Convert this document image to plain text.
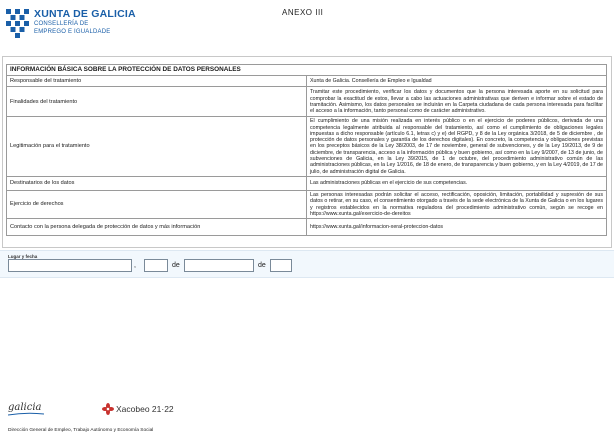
XUNTA DE GALICIA
CONSELLERÍA DE
EMPREGO E IGUALDADE
ANEXO III
INFORMACIÓN BÁSICA SOBRE LA PROTECCIÓN DE DATOS PERSONALES	
Responsable del tratamiento	Xunta de Galicia. Consellería de Empleo e Igualdad
Finalidades del tratamiento	Tramitar este procedimiento, verificar los datos y documentos que la persona interesada aporte en su solicitud para comprobar la exactitud de estos, llevar a cabo las actuaciones administrativas que deriven e informar sobre el estado de tramitación. Asimismo, los datos personales se incluirán en la Carpeta ciudadana de cada persona interesada para facilitar el acceso a la información, tanto personal como de carácter administrativo.
Legitimación para el tratamiento	El cumplimiento de una misión realizada en interés público o en el ejercicio de poderes públicos, derivada de una competencia legalmente atribuida al responsable del tratamiento, así como el cumplimiento de obligaciones legales impuestas a dicho responsable (artículo 6.1, letras c) y e) del RGPD, y 8 de la Ley orgánica 3/2018, de 5 de diciembre , de protección de datos personales y garantía de los derechos digitales). En concreto, la competencia y obligaciones previstas en los preceptos básicos de la Ley 38/2003, de 17 de noviembre, general de subvenciones, y de la Ley 19/2013, de 9 de diciembre, de transparencia, acceso a la información pública y buen gobierno, así como en la Ley 9/2007, de 13 de junio, de subvenciones de Galicia, en la Ley 39/2015, de 1 de octubre, del procedimiento administrativo común de las administraciones públicas, en la Ley 1/2016, de 18 de enero, de transparencia y buen gobierno, y en la Ley 4/2019, de 17 de julio, de administración digital de Galicia.
Destinatarios de los datos	Las administraciones públicas en el ejercicio de sus competencias.
Ejercicio de derechos	Las personas interesadas podrán solicitar el acceso, rectificación, oposición, limitación, portabilidad y supresión de sus datos o retirar, en su caso, el consentimiento otorgado a través de la sede electrónica de la Xunta de Galicia o en los lugares y registros establecidos en la normativa reguladora del procedimiento administrativo común, según se recoge en https://www.xunta.gal/exercicio-de-dereitos
Contacto con la persona delegada de protección de datos y más información	https://www.xunta.gal/informacion-xeral-proteccion-datos
Lugar y fecha
,	de	de
galicia	Xacobeo 21·22
Dirección General de Empleo, Trabajo Autónomo y Economía Social
